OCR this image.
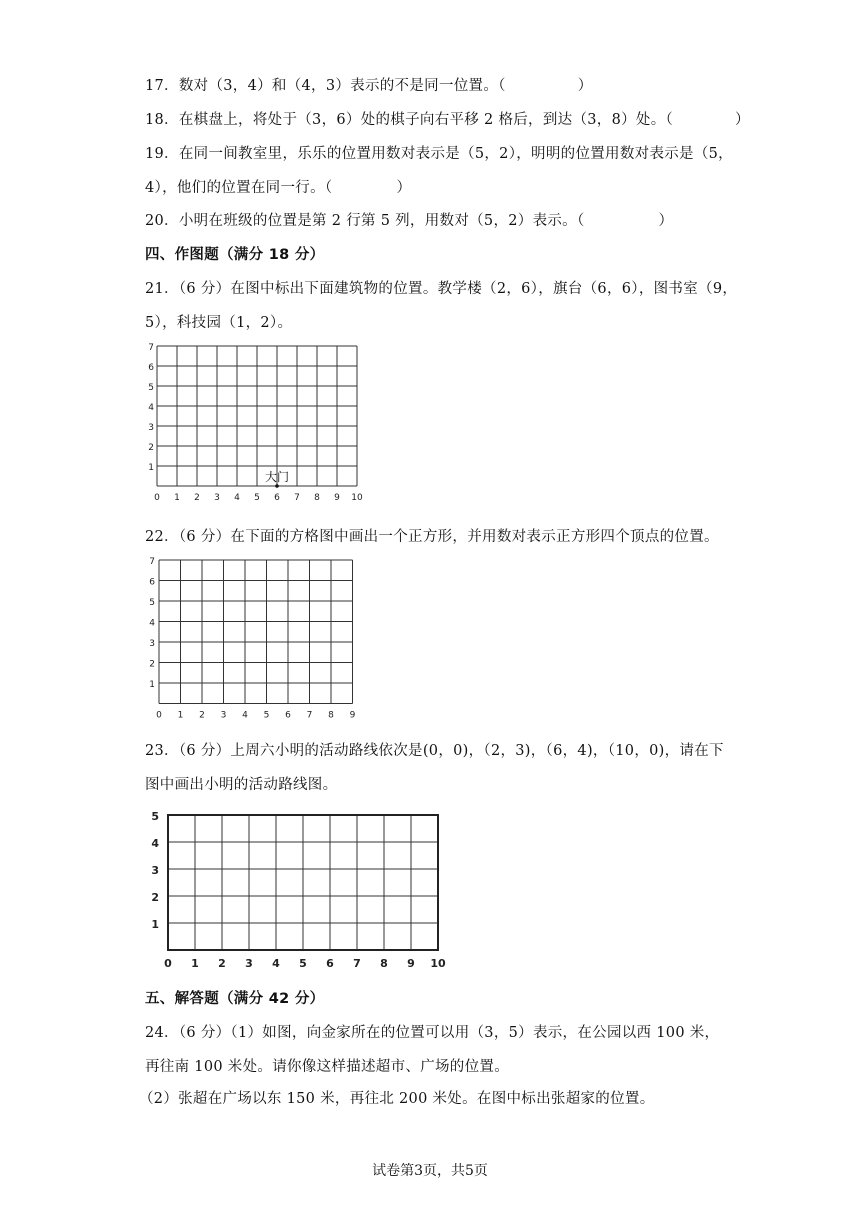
17．数对（3，4）和（4，3）表示的不是同一位置。（	）
18．在棋盘上，将处于（3，6）处的棋子向右平移 2 格后，到达（3，8）处。（	）
19．在同一间教室里，乐乐的位置用数对表示是（5，2），明明的位置用数对表示是（5，
4），他们的位置在同一行。（	）
20．小明在班级的位置是第 2 行第 5 列，用数对（5，2）表示。（	）
四、作图题（满分 18 分）
21．（6 分）在图中标出下面建筑物的位置。教学楼（2，6），旗台（6，6），图书室（9，
5），科技园（1，2）。
7
6
5
4
3
2
1
0 1 2 3 4 5 6 7 8 9 10
大门
22．（6 分）在下面的方格图中画出一个正方形，并用数对表示正方形四个顶点的位置。
7
6
5
4
3
2
1
0 1 2 3 4 5 6 7 8 9
23．（6 分）上周六小明的活动路线依次是(0，0)，（2，3)，（6，4)，（10，0)，请在下
图中画出小明的活动路线图。
5
4
3
2
1
0 1 2 3 4 5 6 7 8 9 10
五、解答题（满分 42 分）
24．（6 分）（1）如图，向金家所在的位置可以用（3，5）表示，在公园以西 100 米，
再往南 100 米处。请你像这样描述超市、广场的位置。
（2）张超在广场以东 150 米，再往北 200 米处。在图中标出张超家的位置。
试卷第3页，共5页
